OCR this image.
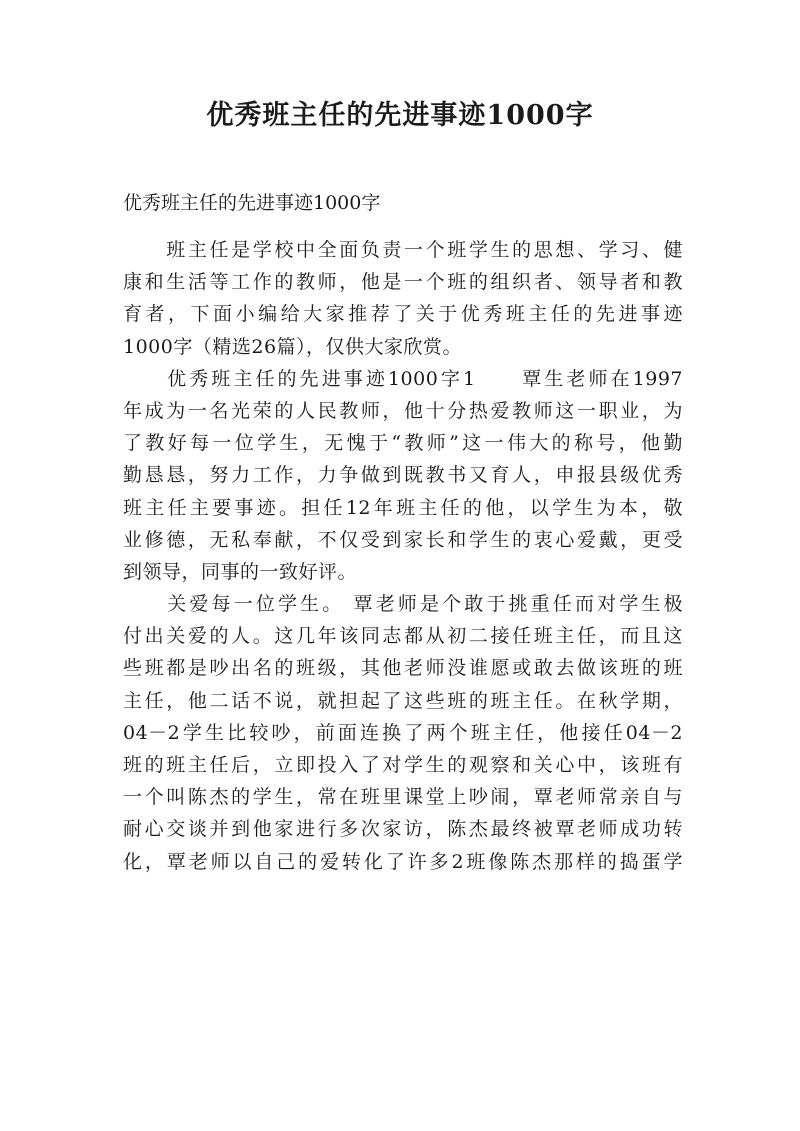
优秀班主任的先进事迹1000字

优秀班主任的先进事迹1000字

　　班主任是学校中全面负责一个班学生的思想、学习、健
康和生活等工作的教师，他是一个班的组织者、领导者和教
育者，下面小编给大家推荐了关于优秀班主任的先进事迹
1000字（精选26篇），仅供大家欣赏。
　　优秀班主任的先进事迹1000字1　　覃生老师在1997
年成为一名光荣的人民教师，他十分热爱教师这一职业，为
了教好每一位学生，无愧于“教师”这一伟大的称号，他勤
勤恳恳，努力工作，力争做到既教书又育人，申报县级优秀
班主任主要事迹。担任12年班主任的他，以学生为本，敬
业修德，无私奉献，不仅受到家长和学生的衷心爱戴，更受
到领导，同事的一致好评。
　　关爱每一位学生。 覃老师是个敢于挑重任而对学生极
付出关爱的人。这几年该同志都从初二接任班主任，而且这
些班都是吵出名的班级，其他老师没谁愿或敢去做该班的班
主任，他二话不说，就担起了这些班的班主任。在秋学期，
04－2学生比较吵，前面连换了两个班主任，他接任04－2
班的班主任后，立即投入了对学生的观察和关心中，该班有
一个叫陈杰的学生，常在班里课堂上吵闹，覃老师常亲自与
耐心交谈并到他家进行多次家访，陈杰最终被覃老师成功转
化，覃老师以自己的爱转化了许多2班像陈杰那样的捣蛋学
